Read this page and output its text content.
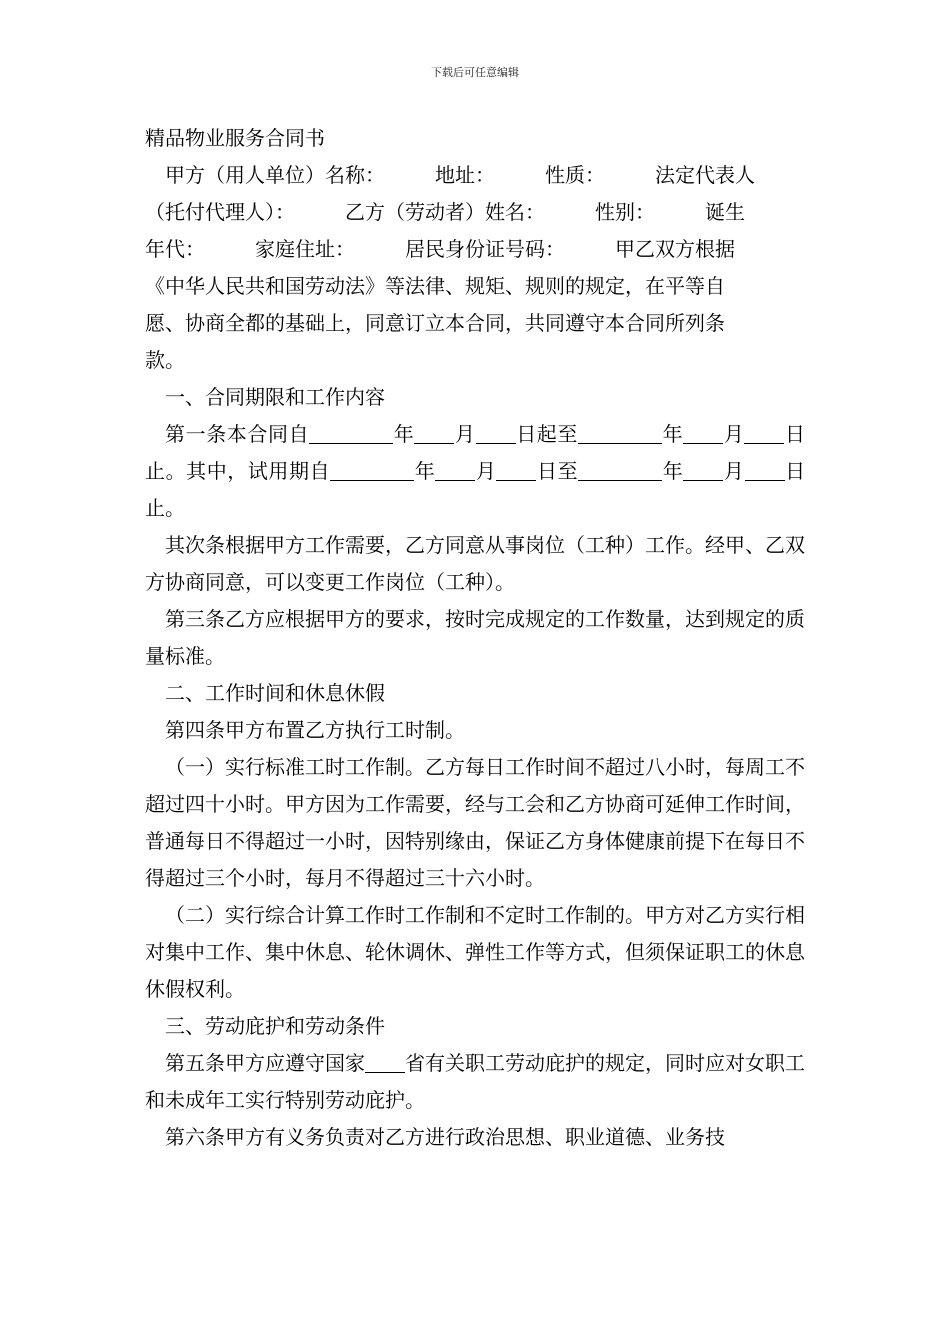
下载后可任意编辑

精品物业服务合同书

甲方（用人单位）名称：　　　地址：　　　性质：　　　法定代表人

（托付代理人）：　　　乙方（劳动者）姓名：　　　性别：　　　诞生

年代：　　　家庭住址：　　　居民身份证号码：　　　甲乙双方根据

《中华人民共和国劳动法》等法律、规矩、规则的规定，在平等自

愿、协商全都的基础上，同意订立本合同，共同遵守本合同所列条

款。

一、合同期限和工作内容

第一条本合同自	年 月 日起至	年 月 日止。其中，试用期自	年 月 日至	年 月 日止。

其次条根据甲方工作需要，乙方同意从事岗位（工种）工作。经甲、乙双方协商同意，可以变更工作岗位（工种）。

第三条乙方应根据甲方的要求，按时完成规定的工作数量，达到规定的质量标准。

二、工作时间和休息休假

第四条甲方布置乙方执行工时制。

（一）实行标准工时工作制。乙方每日工作时间不超过八小时，每周工不超过四十小时。甲方因为工作需要，经与工会和乙方协商可延伸工作时间，普通每日不得超过一小时，因特别缘由，保证乙方身体健康前提下在每日不得超过三个小时，每月不得超过三十六小时。

（二）实行综合计算工作时工作制和不定时工作制的。甲方对乙方实行相对集中工作、集中休息、轮休调休、弹性工作等方式，但须保证职工的休息休假权利。

三、劳动庇护和劳动条件

第五条甲方应遵守国家 省有关职工劳动庇护的规定，同时应对女职工和未成年工实行特别劳动庇护。

第六条甲方有义务负责对乙方进行政治思想、职业道德、业务技
